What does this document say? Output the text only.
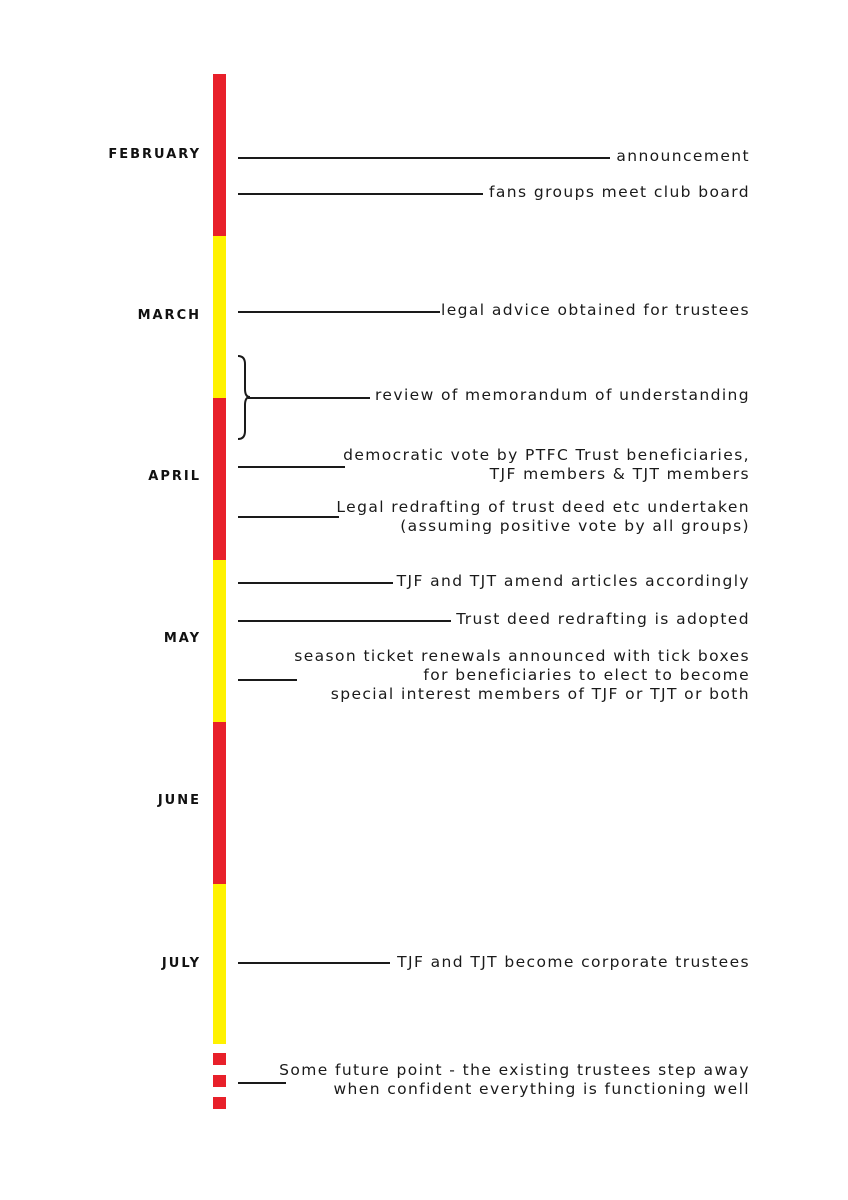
FEBRUARY
MARCH
APRIL
MAY
JUNE
JULY
announcement
fans groups meet club board
legal advice obtained for trustees
review of memorandum of understanding
democratic vote by PTFC Trust beneficiaries,
TJF members & TJT members
Legal redrafting of trust deed etc undertaken
(assuming positive vote by all groups)
TJF and TJT amend articles accordingly
Trust deed redrafting is adopted
season ticket renewals announced with tick boxes
for beneficiaries to elect to become
special interest members of TJF or TJT or both
TJF and TJT become corporate trustees
Some future point - the existing trustees step away
when confident everything is functioning well
